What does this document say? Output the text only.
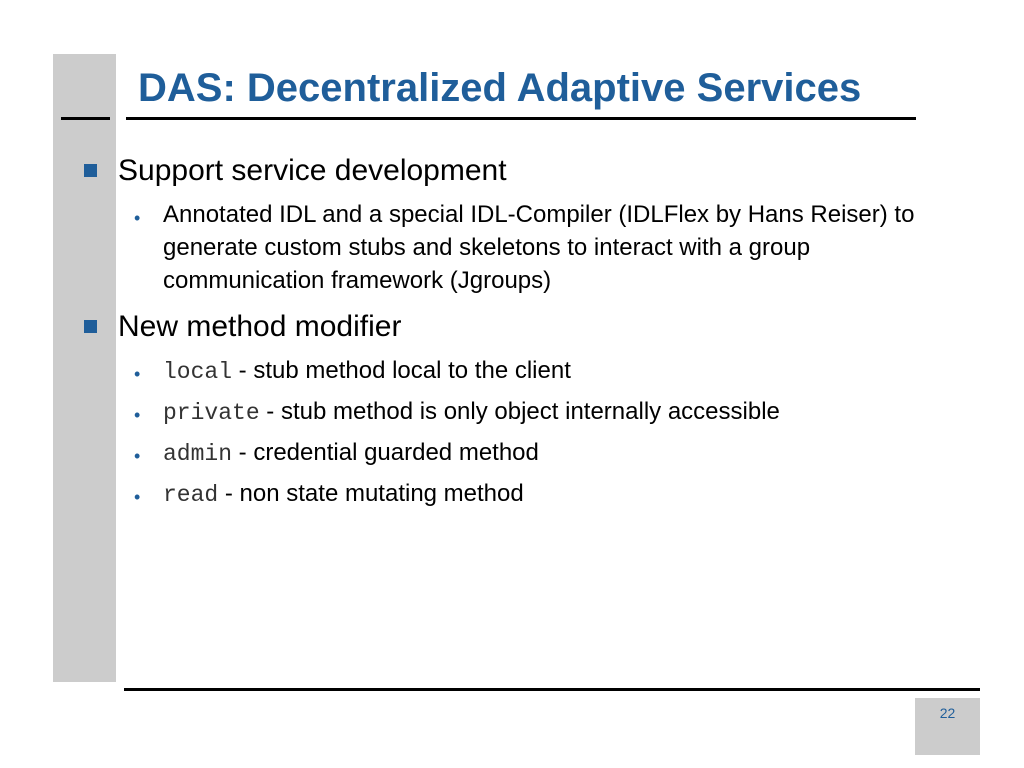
DAS: Decentralized Adaptive Services
Support service development
• Annotated IDL and a special IDL-Compiler (IDLFlex by Hans Reiser) to generate custom stubs and skeletons to interact with a group communication framework (Jgroups)
New method modifier
• local - stub method local to the client
• private - stub method is only object internally accessible
• admin - credential guarded method
• read - non state mutating method
22
